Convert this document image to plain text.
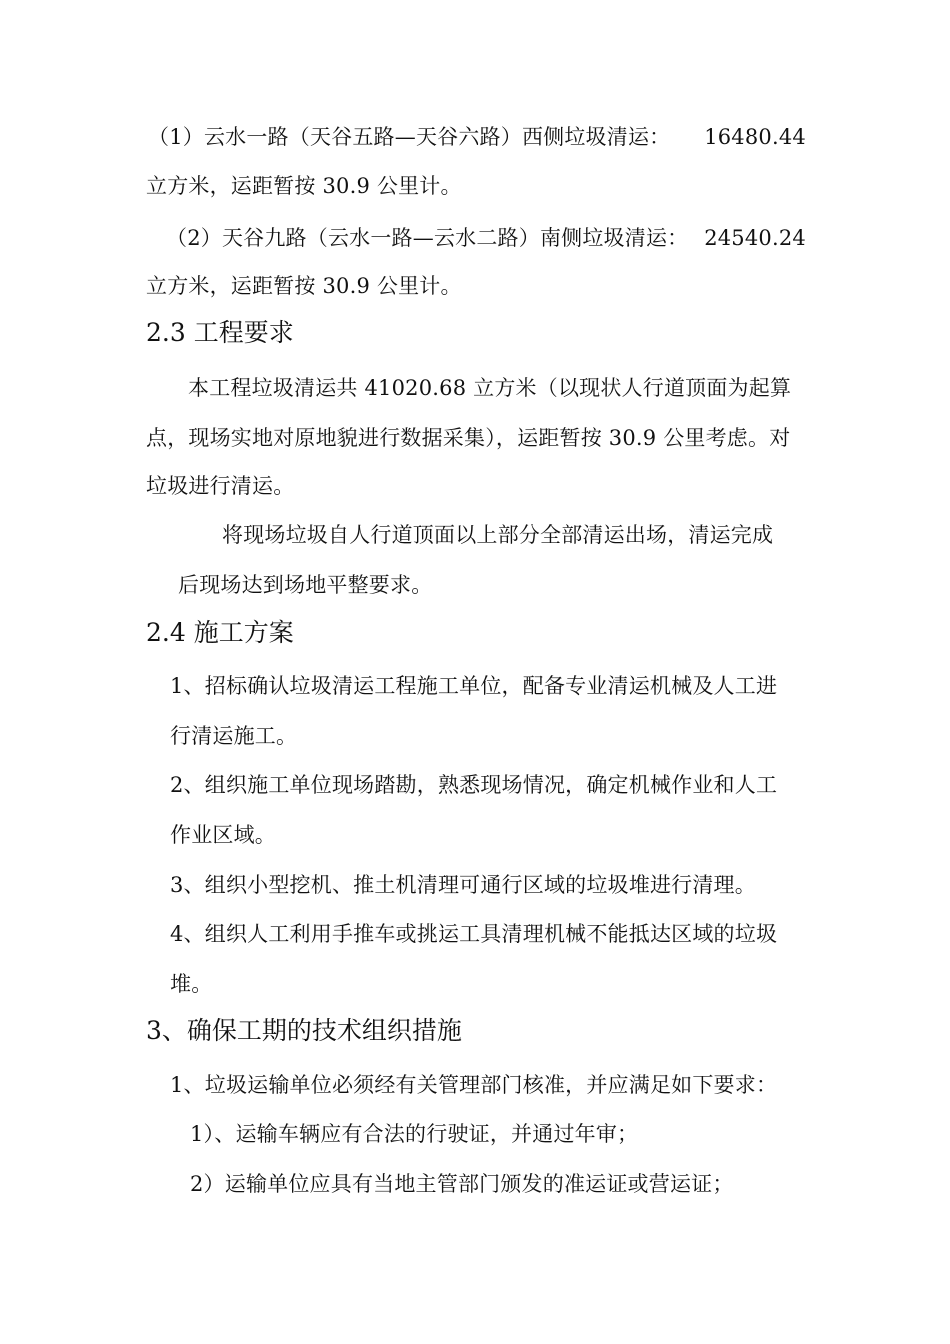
（1）云水一路（天谷五路—天谷六路）西侧垃圾清运： 16480.44

立方米，运距暂按 30.9 公里计。

（2）天谷九路（云水一路—云水二路）南侧垃圾清运： 24540.24

立方米，运距暂按 30.9 公里计。

2.3 工程要求
本工程垃圾清运共 41020.68 立方米（以现状人行道顶面为起算
点，现场实地对原地貌进行数据采集），运距暂按 30.9 公里考虑。对

垃圾进行清运。

将现场垃圾自人行道顶面以上部分全部清运出场，清运完成

后现场达到场地平整要求。

2.4 施工方案
1、招标确认垃圾清运工程施工单位，配备专业清运机械及人工进

行清运施工。

2、组织施工单位现场踏勘，熟悉现场情况，确定机械作业和人工

作业区域。

3、组织小型挖机、推土机清理可通行区域的垃圾堆进行清理。

4、组织人工利用手推车或挑运工具清理机械不能抵达区域的垃圾

堆。

3、确保工期的技术组织措施

1、垃圾运输单位必须经有关管理部门核准，并应满足如下要求：

1）、运输车辆应有合法的行驶证，并通过年审；

2）运输单位应具有当地主管部门颁发的准运证或营运证；
